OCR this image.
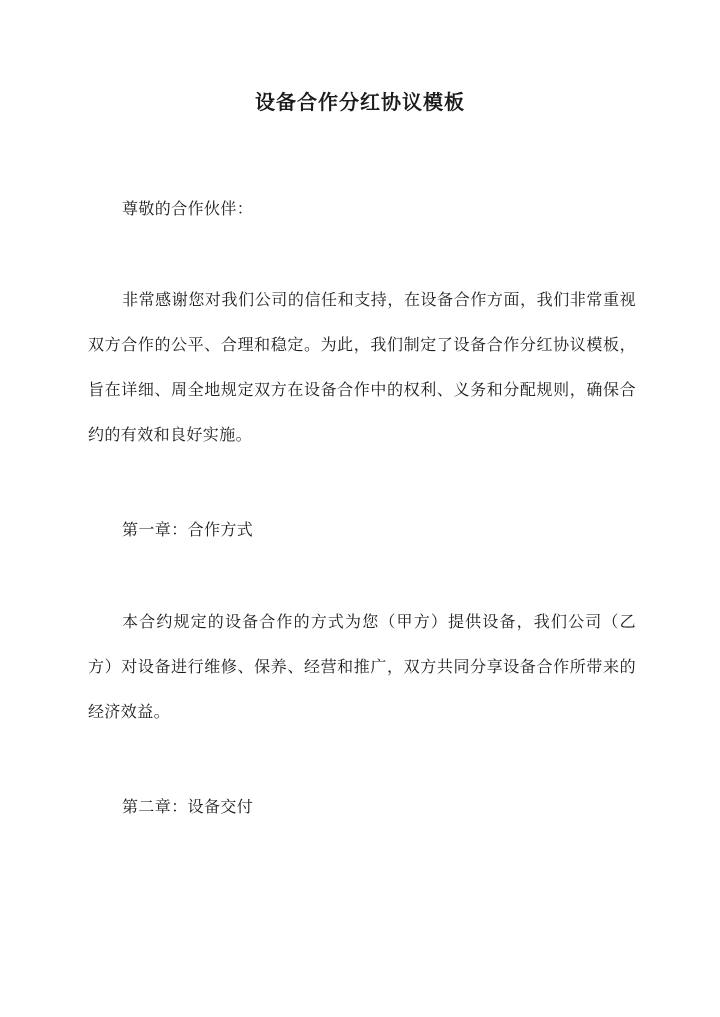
设备合作分红协议模板

尊敬的合作伙伴：

非常感谢您对我们公司的信任和支持，在设备合作方面，我们非常重视双方合作的公平、合理和稳定。为此，我们制定了设备合作分红协议模板，旨在详细、周全地规定双方在设备合作中的权利、义务和分配规则，确保合约的有效和良好实施。

第一章：合作方式

本合约规定的设备合作的方式为您（甲方）提供设备，我们公司（乙方）对设备进行维修、保养、经营和推广，双方共同分享设备合作所带来的经济效益。

第二章：设备交付
